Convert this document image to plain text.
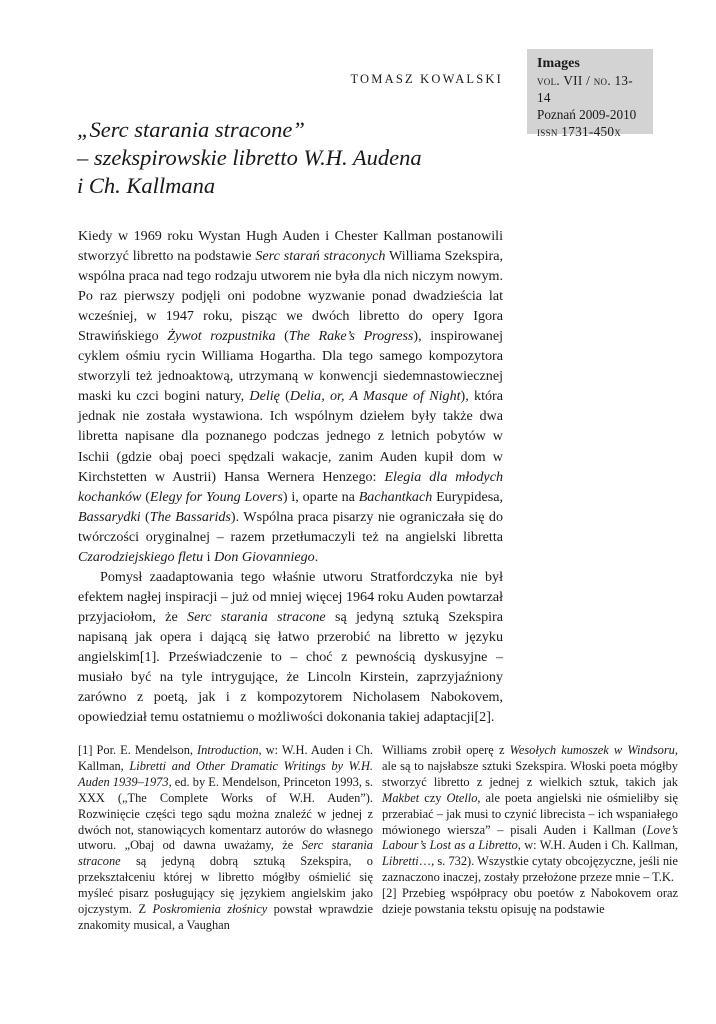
Images
vol. VII / no. 13-14
Poznań 2009-2010
issn 1731-450x
TOMASZ KOWALSKI
„Serc starania stracone”
– szekspirowskie libretto W.H. Audena
i Ch. Kallmana

Kiedy w 1969 roku Wystan Hugh Auden i Chester Kallman postanowili stworzyć libretto na podstawie Serc starań straconych Williama Szekspira, wspólna praca nad tego rodzaju utworem nie była dla nich niczym nowym. Po raz pierwszy podjęli oni podobne wyzwanie ponad dwadzieścia lat wcześniej, w 1947 roku, pisząc we dwóch libretto do opery Igora Strawińskiego Żywot rozpustnika (The Rake’s Progress), inspirowanej cyklem ośmiu rycin Williama Hogartha. Dla tego samego kompozytora stworzyli też jednoaktową, utrzymaną w konwencji siedemnastowiecznej maski ku czci bogini natury, Delię (Delia, or, A Masque of Night), która jednak nie została wystawiona. Ich wspólnym dziełem były także dwa libretta napisane dla poznanego podczas jednego z letnich pobytów w Ischii (gdzie obaj poeci spędzali wakacje, zanim Auden kupił dom w Kirchstetten w Austrii) Hansa Wernera Henzego: Elegia dla młodych kochanków (Elegy for Young Lovers) i, oparte na Bachantkach Eurypidesa, Bassarydki (The Bassarids). Wspólna praca pisarzy nie ograniczała się do twórczości oryginalnej – razem przetłumaczyli też na angielski libretta Czarodziejskiego fletu i Don Giovanniego.

Pomysł zaadaptowania tego właśnie utworu Stratfordczyka nie był efektem nagłej inspiracji – już od mniej więcej 1964 roku Auden powtarzał przyjaciołom, że Serc starania stracone są jedyną sztuką Szekspira napisaną jak opera i dającą się łatwo przerobić na libretto w języku angielskim[1]. Przeświadczenie to – choć z pewnością dyskusyjne – musiało być na tyle intrygujące, że Lincoln Kirstein, zaprzyjaźniony zarówno z poetą, jak i z kompozytorem Nicholasem Nabokovem, opowiedział temu ostatniemu o możliwości dokonania takiej adaptacji[2].

[1] Por. E. Mendelson, Introduction, w: W.H. Auden i Ch. Kallman, Libretti and Other Dramatic Writings by W.H. Auden 1939–1973, ed. by E. Mendelson, Princeton 1993, s. XXX („The Complete Works of W.H. Auden”). Rozwinięcie części tego sądu można znaleźć w jednej z dwóch not, stanowiących komentarz autorów do własnego utworu. „Obaj od dawna uważamy, że Serc starania stracone są jedyną dobrą sztuką Szekspira, o przekształceniu której w libretto mógłby ośmielić się myśleć pisarz posługujący się językiem angielskim jako ojczystym. Z Poskromienia złośnicy powstał wprawdzie znakomity musical, a Vaughan

Williams zrobił operę z Wesołych kumoszek w Windsoru, ale są to najsłabsze sztuki Szekspira. Włoski poeta mógłby stworzyć libretto z jednej z wielkich sztuk, takich jak Makbet czy Otello, ale poeta angielski nie ośmieliłby się przerabiać – jak musi to czynić librecista – ich wspaniałego mówionego wiersza” – pisali Auden i Kallman (Love’s Labour’s Lost as a Libretto, w: W.H. Auden i Ch. Kallman, Libretti…, s. 732). Wszystkie cytaty obcojęzyczne, jeśli nie zaznaczono inaczej, zostały przełożone przeze mnie – T.K.

[2] Przebieg współpracy obu poetów z Nabokovem oraz dzieje powstania tekstu opisuję na podstawie
